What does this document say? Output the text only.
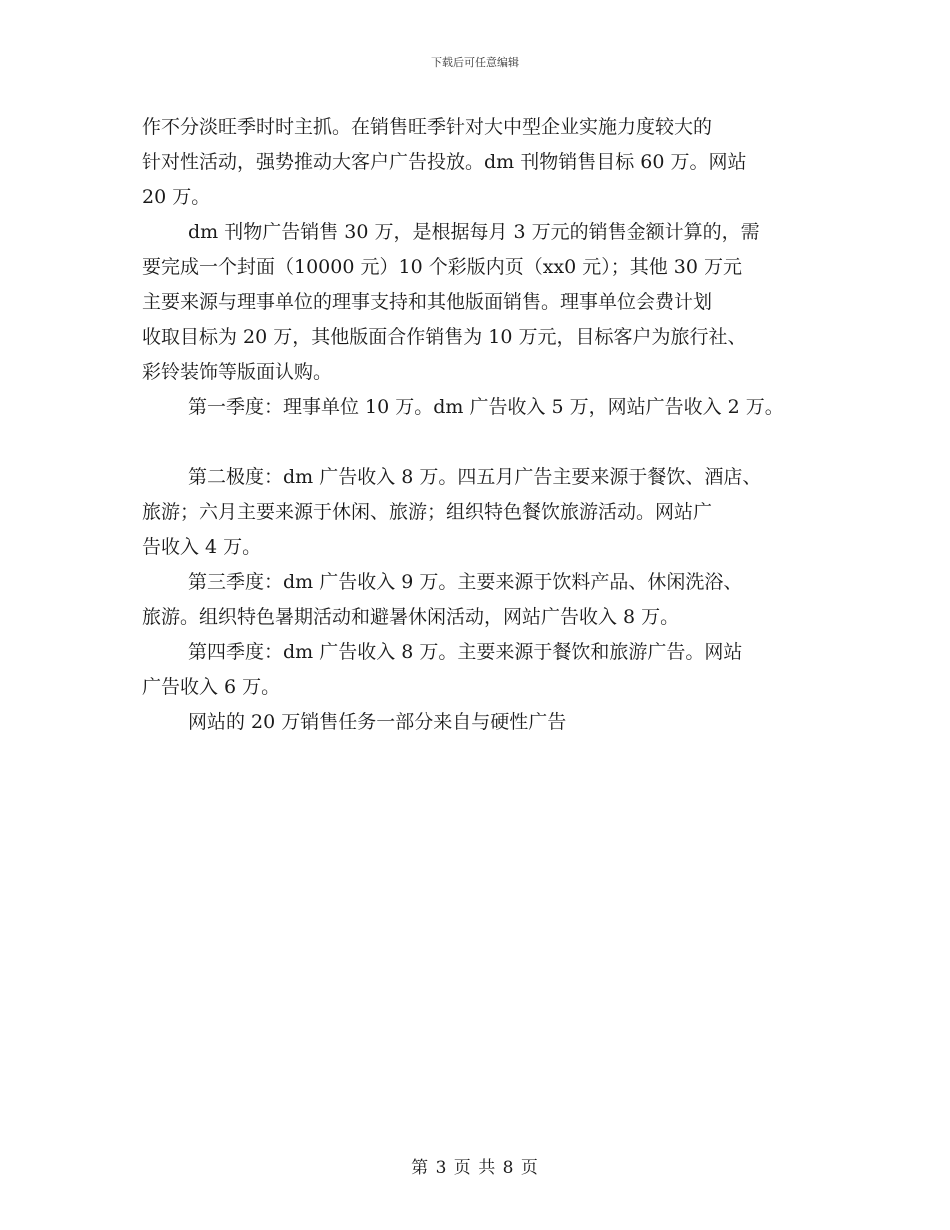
下载后可任意编辑
作不分淡旺季时时主抓。在销售旺季针对大中型企业实施力度较大的
针对性活动，强势推动大客户广告投放。dm 刊物销售目标 60 万。网站
20 万。
dm 刊物广告销售 30 万，是根据每月 3 万元的销售金额计算的，需
要完成一个封面（10000 元）10 个彩版内页（xx0 元）；其他 30 万元
主要来源与理事单位的理事支持和其他版面销售。理事单位会费计划
收取目标为 20 万，其他版面合作销售为 10 万元，目标客户为旅行社、
彩铃装饰等版面认购。
第一季度：理事单位 10 万。dm 广告收入 5 万，网站广告收入 2 万。
第二极度：dm 广告收入 8 万。四五月广告主要来源于餐饮、酒店、
旅游；六月主要来源于休闲、旅游；组织特色餐饮旅游活动。网站广
告收入 4 万。
第三季度：dm 广告收入 9 万。主要来源于饮料产品、休闲洗浴、
旅游。组织特色暑期活动和避暑休闲活动，网站广告收入 8 万。
第四季度：dm 广告收入 8 万。主要来源于餐饮和旅游广告。网站
广告收入 6 万。
网站的 20 万销售任务一部分来自与硬性广告
第 3 页 共 8 页
